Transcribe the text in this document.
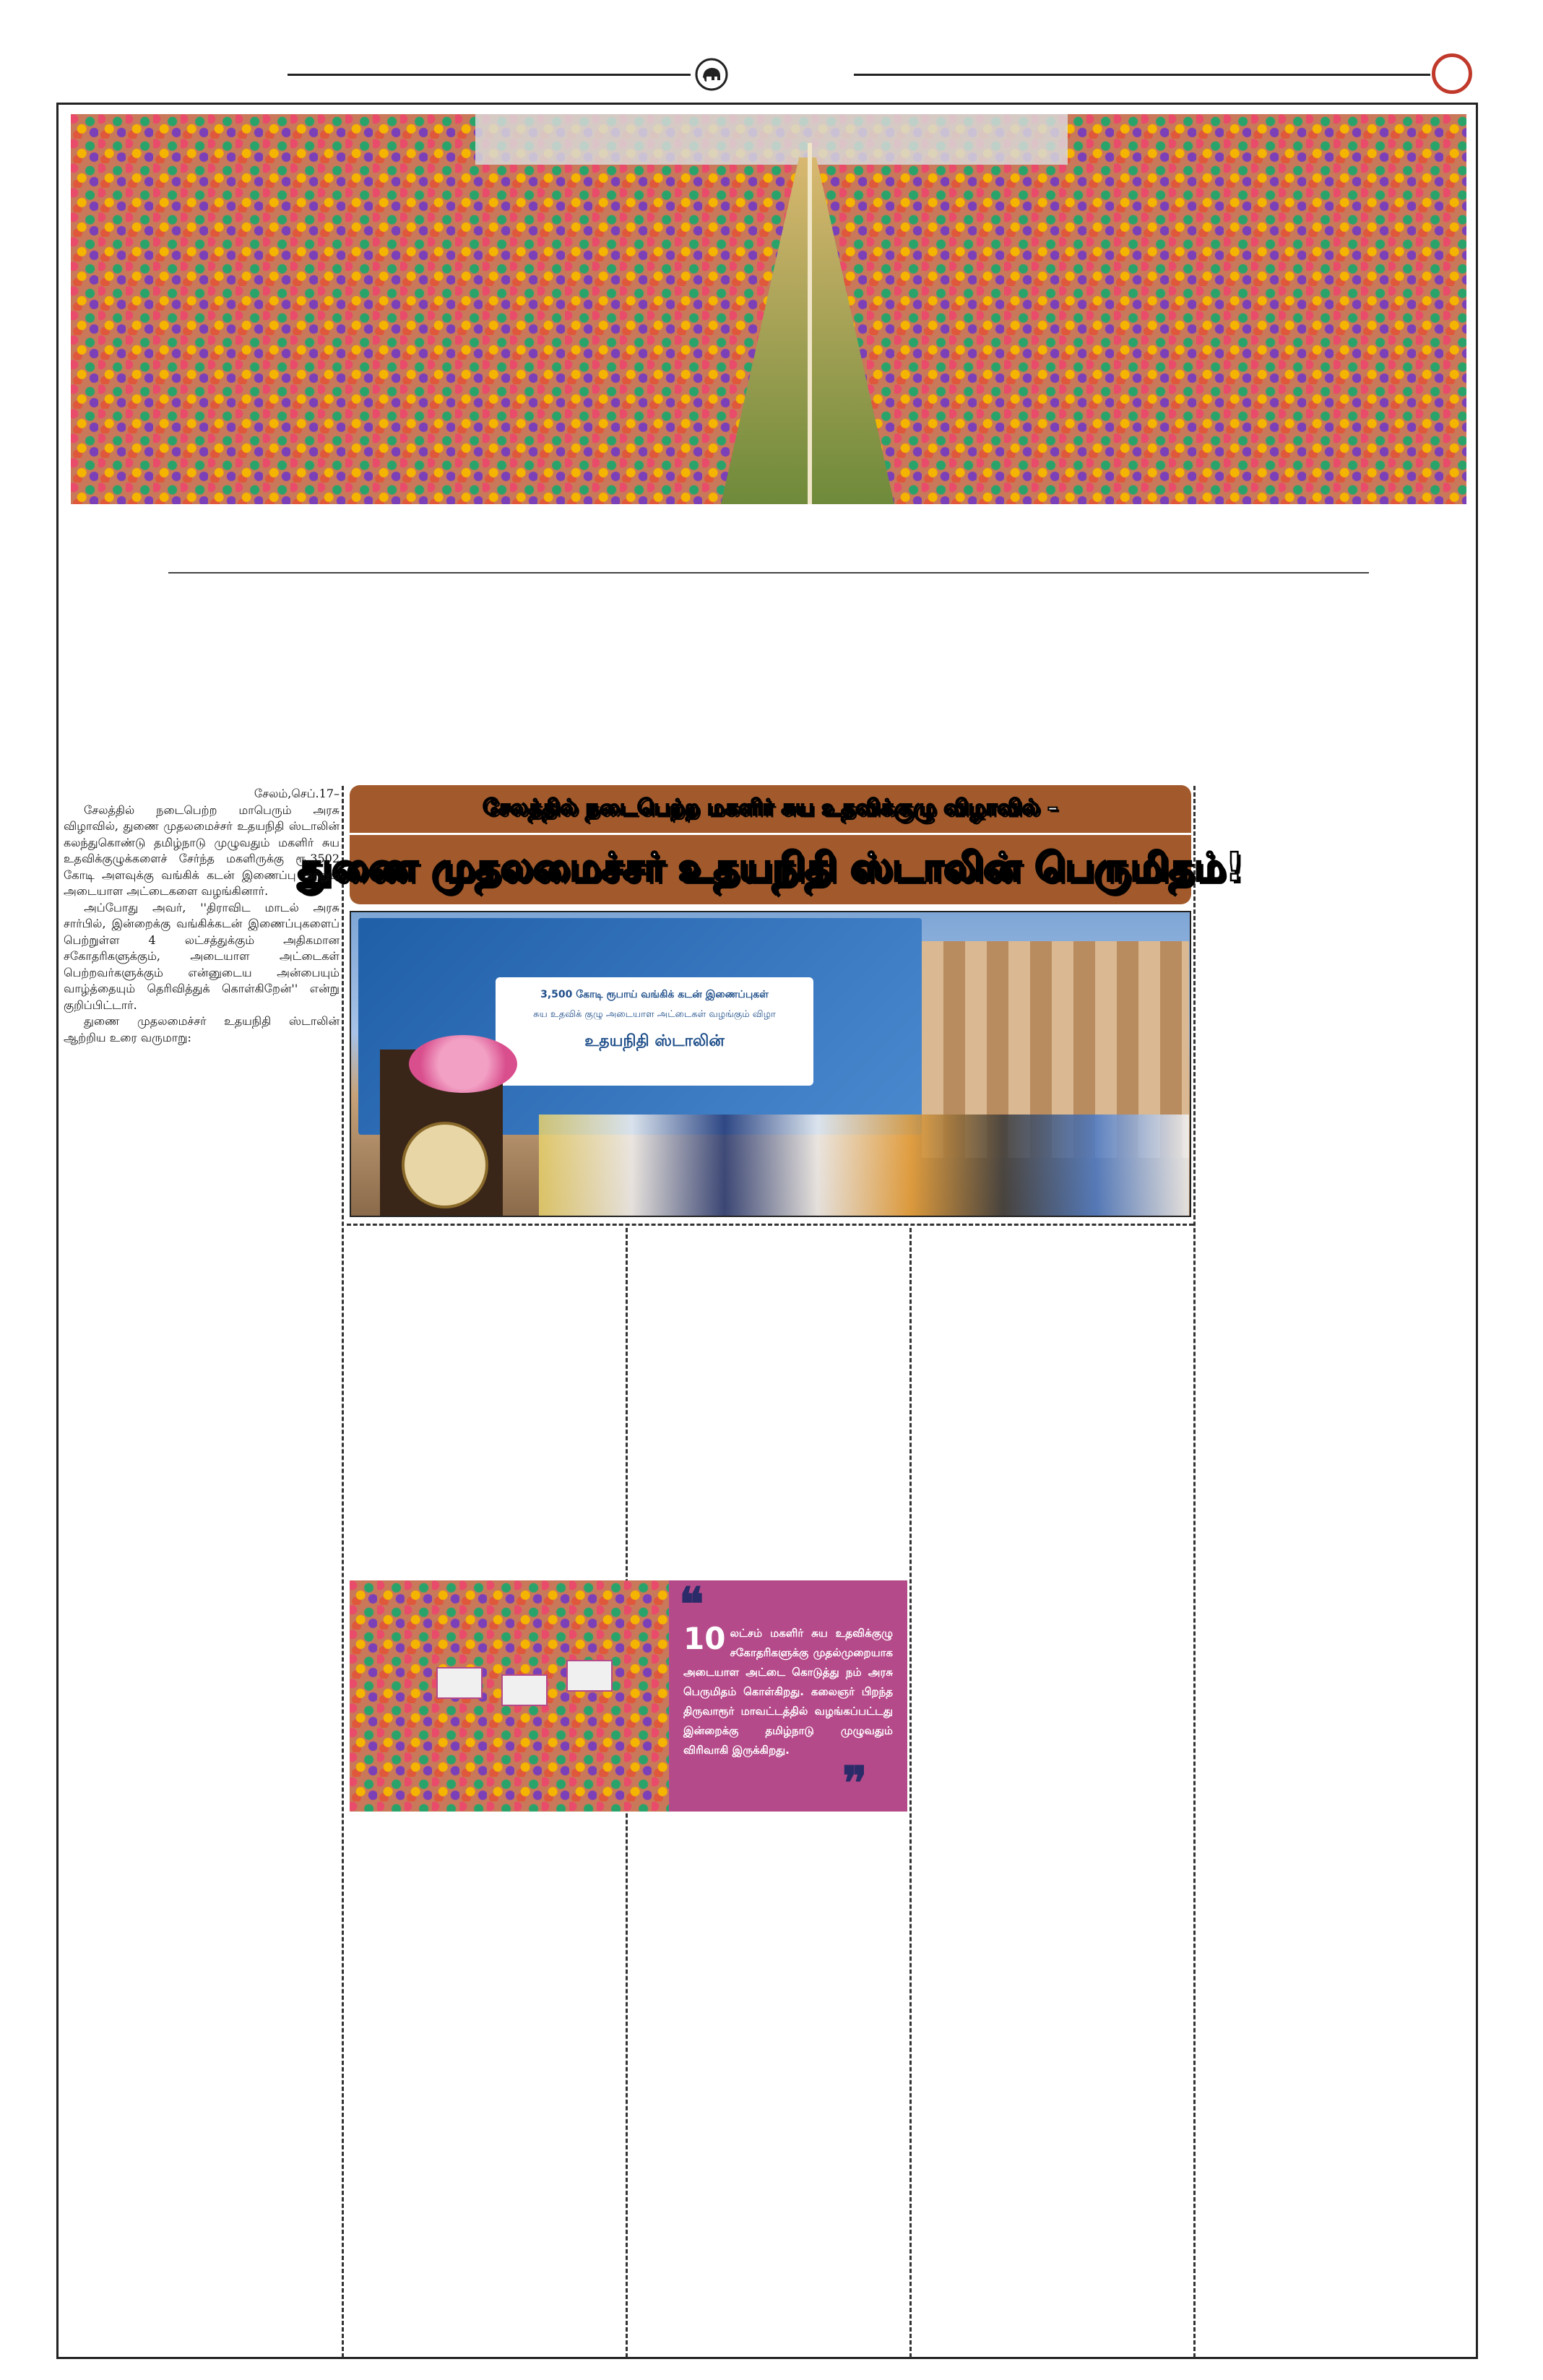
சேலத்தில் நடைபெற்ற மகளிர் சுய உதவிக்குழு விழாவில் –
துணை முதலமைச்சர் உதயநிதி ஸ்டாலின் பெருமிதம்!
சேலம்,செப்.17–

சேலத்தில் நடைபெற்ற மாபெரும் அரசு விழாவில், துணை முதலமைச்சர் உதயநிதி ஸ்டாலின் கலந்துகொண்டு தமிழ்நாடு முழுவதும் மகளிர் சுய உதவிக்குழுக்களைச் சேர்ந்த மகளிருக்கு ரூ.3502 கோடி அளவுக்கு வங்கிக் கடன் இணைப்பு மற்றும் அடையாள அட்டைகளை வழங்கினார்.

அப்போது அவர், ''திராவிட மாடல் அரசு சார்பில், இன்றைக்கு வங்கிக்கடன் இணைப்புகளைப் பெற்றுள்ள 4 லட்சத்துக்கும் அதிகமான சகோதரிகளுக்கும், அடையாள அட்டைகள் பெற்றவர்களுக்கும் என்னுடைய அன்பையும் வாழ்த்தையும் தெரிவித்துக் கொள்கிறேன்'' என்று குறிப்பிட்டார்.

துணை முதலமைச்சர் உதயநிதி ஸ்டாலின் ஆற்றிய உரை வருமாறு:

3,500 கோடி ரூபாய் வங்கிக் கடன் இணைப்புகள்
சுய உதவிக் குழு அடையாள அட்டைகள் வழங்கும் விழா
உதயநிதி ஸ்டாலின்
❝
10 லட்சம் மகளிர் சுய உதவிக்குழு சகோதரிகளுக்கு முதல்முறையாக அடையாள அட்டை கொடுத்து நம் அரசு பெருமிதம் கொள்கிறது. கலைஞர் பிறந்த திருவாரூர் மாவட்டத்தில் வழங்கப்பட்டது இன்றைக்கு தமிழ்நாடு முழுவதும் விரிவாகி இருக்கிறது.
❞
